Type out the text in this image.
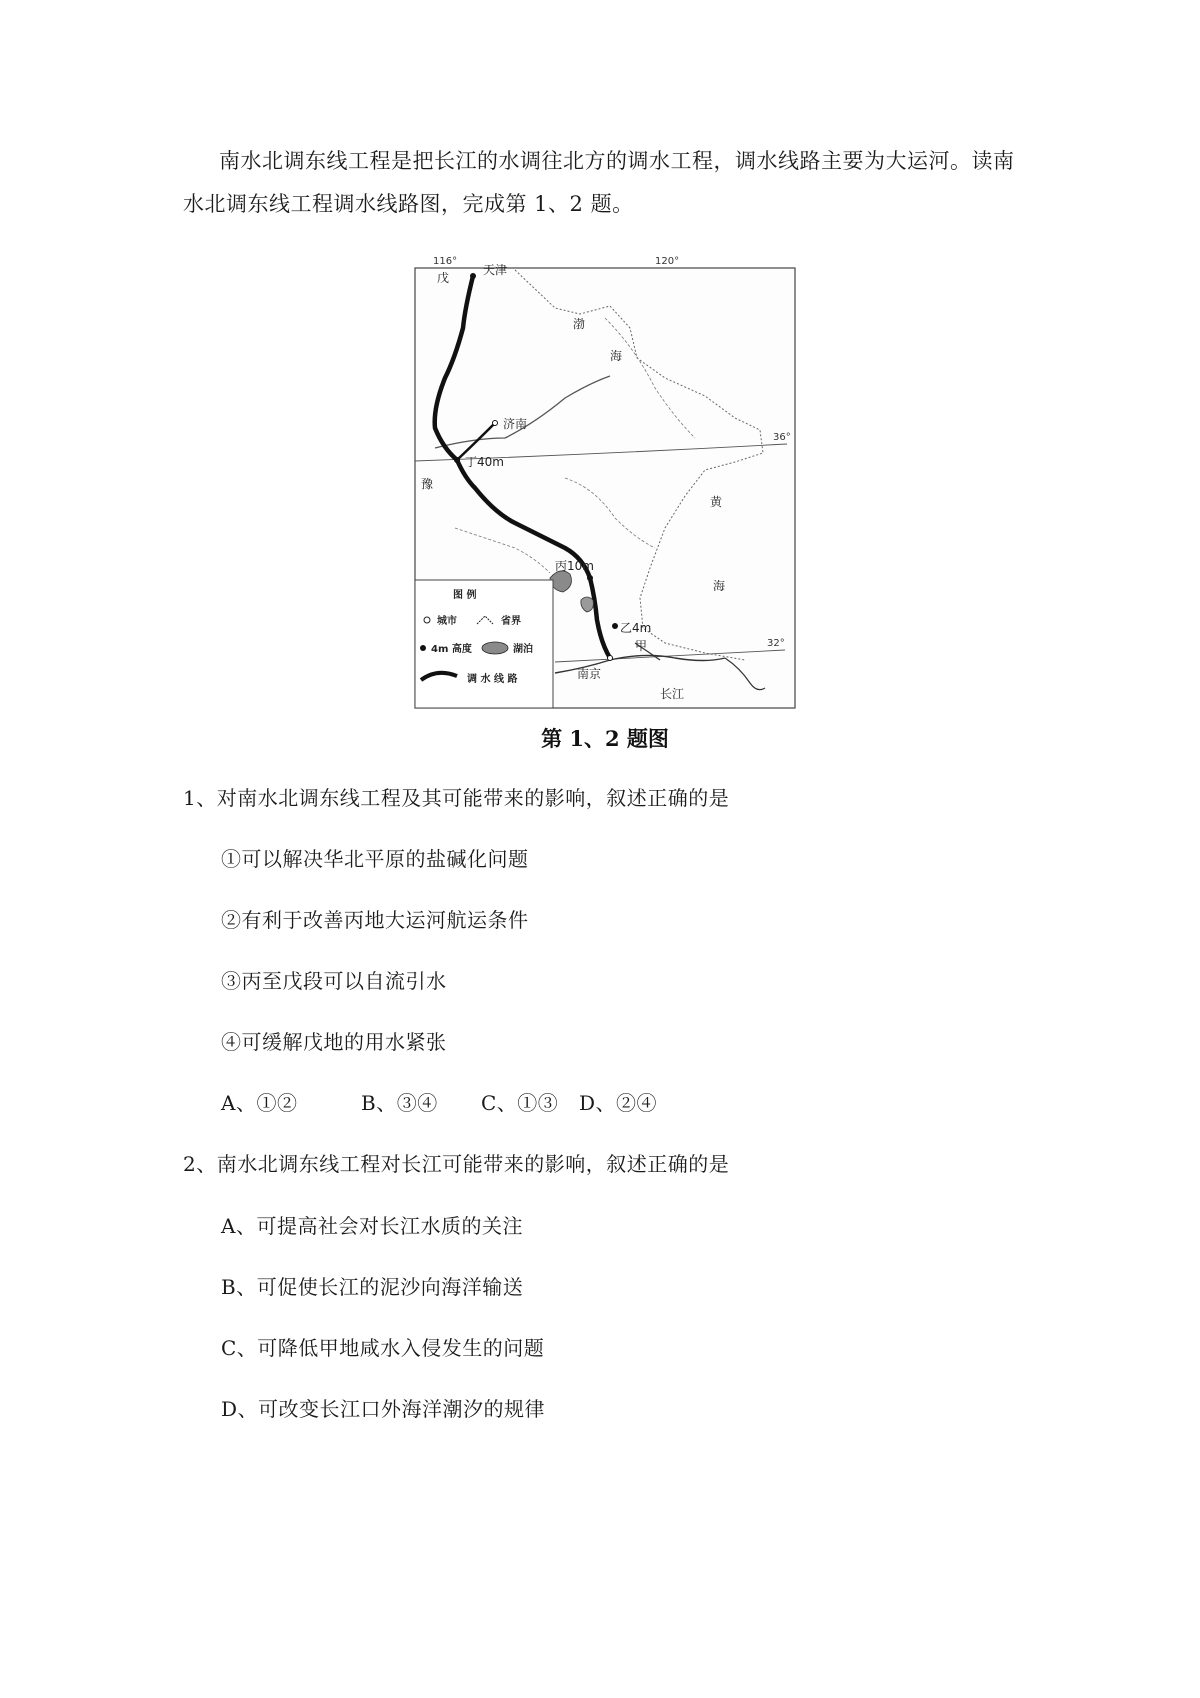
南水北调东线工程是把长江的水调往北方的调水工程，调水线路主要为大运河。读南水北调东线工程调水线路图，完成第 1、2 题。

116°	120°
36°
32°
天津
戊
济南
丁40m
丙10m
乙4m
甲
南京
豫
长江
渤
海
黄
海
图 例
城市	省界
4m 高度	湖泊
调 水 线 路
第 1、2 题图

1、对南水北调东线工程及其可能带来的影响，叙述正确的是

①可以解决华北平原的盐碱化问题

②有利于改善丙地大运河航运条件

③丙至戊段可以自流引水

④可缓解戊地的用水紧张

A、①②	B、③④ C、①③ D、②④

2、南水北调东线工程对长江可能带来的影响，叙述正确的是

A、可提高社会对长江水质的关注

B、可促使长江的泥沙向海洋输送

C、可降低甲地咸水入侵发生的问题

D、可改变长江口外海洋潮汐的规律
